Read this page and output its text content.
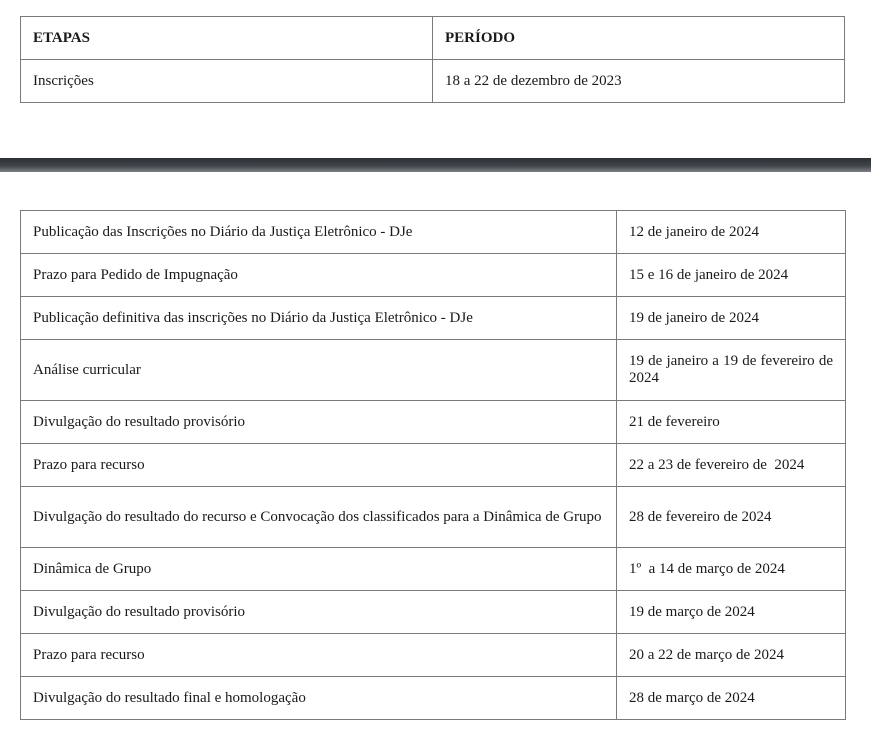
ETAPAS	PERÍODO
Inscrições	18 a 22 de dezembro de 2023
Publicação das Inscrições no Diário da Justiça Eletrônico - DJe	12 de janeiro de 2024
Prazo para Pedido de Impugnação	15 e 16 de janeiro de 2024
Publicação definitiva das inscrições no Diário da Justiça Eletrônico - DJe	19 de janeiro de 2024
Análise curricular	19 de janeiro a 19 de fevereiro de 2024
Divulgação do resultado provisório	21 de fevereiro
Prazo para recurso	22 a 23 de fevereiro de  2024
Divulgação do resultado do recurso e Convocação dos classificados para a Dinâmica de Grupo	28 de fevereiro de 2024
Dinâmica de Grupo	1º  a 14 de março de 2024
Divulgação do resultado provisório	19 de março de 2024
Prazo para recurso	20 a 22 de março de 2024
Divulgação do resultado final e homologação	28 de março de 2024
